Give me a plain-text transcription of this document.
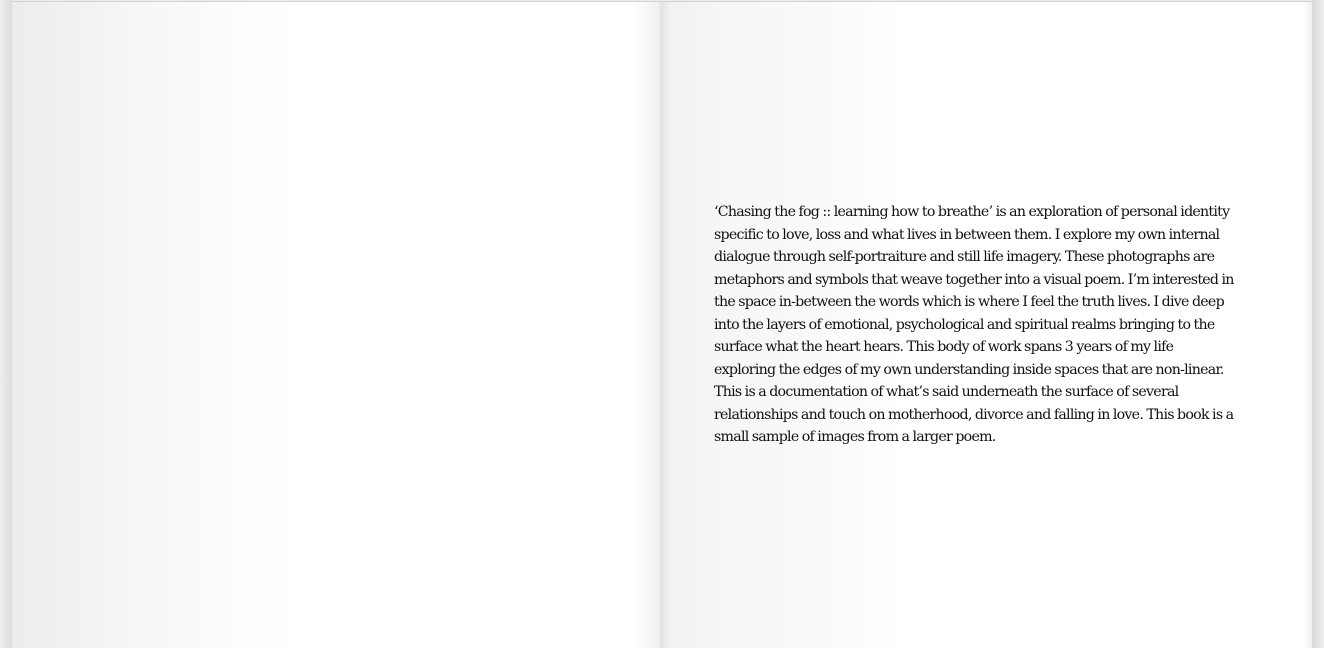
‘Chasing the fog :: learning how to breathe’ is an exploration of personal identity specific to love, loss and what lives in between them. I explore my own internal dialogue through self-portraiture and still life imagery. These photographs are metaphors and symbols that weave together into a visual poem. I’m interested in the space in-between the words which is where I feel the truth lives. I dive deep into the layers of emotional, psychological and spiritual realms bringing to the surface what the heart hears. This body of work spans 3 years of my life exploring the edges of my own understanding inside spaces that are non-linear. This is a documentation of what’s said underneath the surface of several relationships and touch on motherhood, divorce and falling in love. This book is a small sample of images from a larger poem.
